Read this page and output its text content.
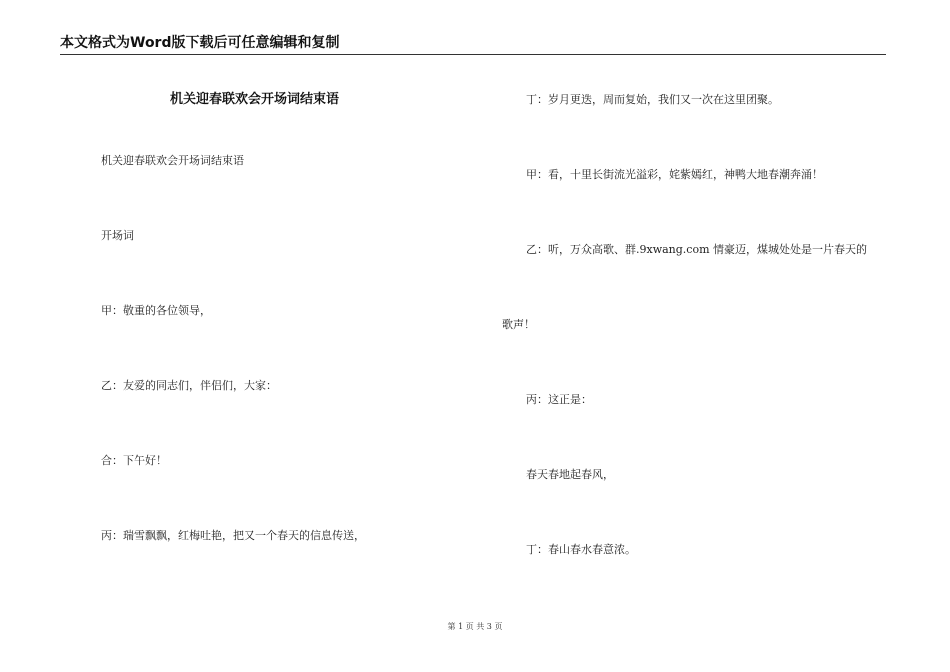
本文格式为Word版下载后可任意编辑和复制
机关迎春联欢会开场词结束语
机关迎春联欢会开场词结束语
开场词
甲：敬重的各位领导，
乙：友爱的同志们，伴侣们，大家：
合：下午好！
丙：瑞雪飘飘，红梅吐艳，把又一个春天的信息传送，
丁：岁月更迭，周而复始，我们又一次在这里团聚。
甲：看，十里长街流光溢彩，姹紫嫣红，神鸭大地春潮奔涌！
乙：听，万众高歌、群.9xwang.com 情豪迈，煤城处处是一片春天的
歌声！
丙：这正是：
春天春地起春风，
丁：春山春水春意浓。
第 1 页 共 3 页
